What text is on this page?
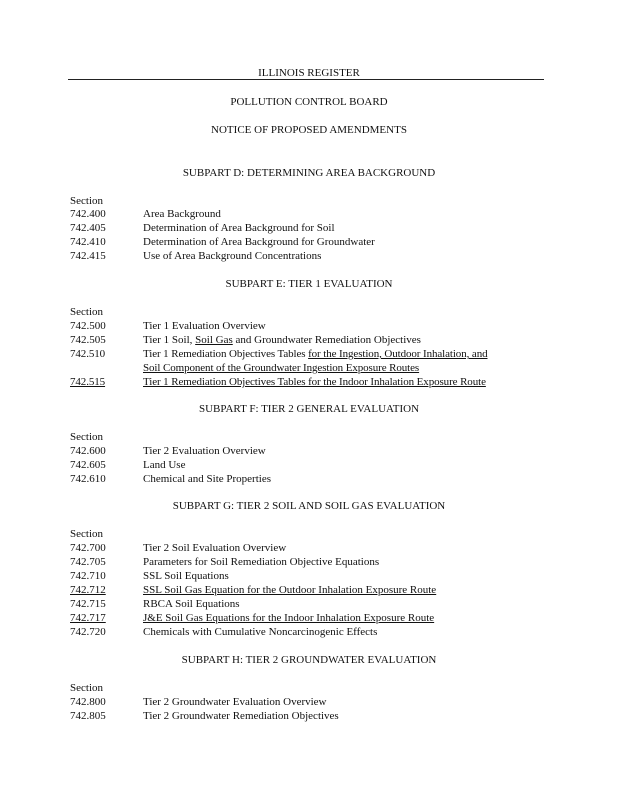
ILLINOIS REGISTER
POLLUTION CONTROL BOARD
NOTICE OF PROPOSED AMENDMENTS
SUBPART D: DETERMINING AREA BACKGROUND
Section
742.400	Area Background
742.405	Determination of Area Background for Soil
742.410	Determination of Area Background for Groundwater
742.415	Use of Area Background Concentrations
SUBPART E: TIER 1 EVALUATION
Section
742.500	Tier 1 Evaluation Overview
742.505	Tier 1 Soil, Soil Gas and Groundwater Remediation Objectives
742.510	Tier 1 Remediation Objectives Tables for the Ingestion, Outdoor Inhalation, and
Soil Component of the Groundwater Ingestion Exposure Routes
742.515	Tier 1 Remediation Objectives Tables for the Indoor Inhalation Exposure Route
SUBPART F: TIER 2 GENERAL EVALUATION
Section
742.600	Tier 2 Evaluation Overview
742.605	Land Use
742.610	Chemical and Site Properties
SUBPART G: TIER 2 SOIL AND SOIL GAS EVALUATION
Section
742.700	Tier 2 Soil Evaluation Overview
742.705	Parameters for Soil Remediation Objective Equations
742.710	SSL Soil Equations
742.712	SSL Soil Gas Equation for the Outdoor Inhalation Exposure Route
742.715	RBCA Soil Equations
742.717	J&E Soil Gas Equations for the Indoor Inhalation Exposure Route
742.720	Chemicals with Cumulative Noncarcinogenic Effects
SUBPART H: TIER 2 GROUNDWATER EVALUATION
Section
742.800	Tier 2 Groundwater Evaluation Overview
742.805	Tier 2 Groundwater Remediation Objectives
